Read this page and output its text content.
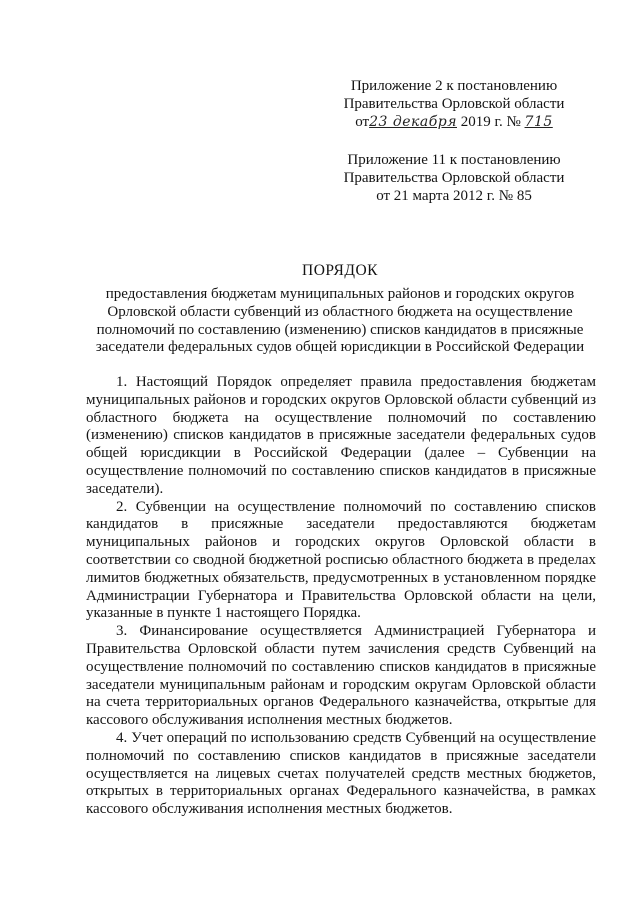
Приложение 2 к постановлению
Правительства Орловской области
от23 декабря 2019 г. № 715
Приложение 11 к постановлению
Правительства Орловской области
от 21 марта 2012 г. № 85
ПОРЯДОК
предоставления бюджетам муниципальных районов и городских округов
Орловской области субвенций из областного бюджета на осуществление
полномочий по составлению (изменению) списков кандидатов в присяжные
заседатели федеральных судов общей юрисдикции в Российской Федерации

1. Настоящий Порядок определяет правила предоставления бюджетам муниципальных районов и городских округов Орловской области субвенций из областного бюджета на осуществление полномочий по составлению (изменению) списков кандидатов в присяжные заседатели федеральных судов общей юрисдикции в Российской Федерации (далее – Субвенции на осуществление полномочий по составлению списков кандидатов в присяжные заседатели).

2. Субвенции на осуществление полномочий по составлению списков кандидатов в присяжные заседатели предоставляются бюджетам муниципальных районов и городских округов Орловской области в соответствии со сводной бюджетной росписью областного бюджета в пределах лимитов бюджетных обязательств, предусмотренных в установленном порядке Администрации Губернатора и Правительства Орловской области на цели, указанные в пункте 1 настоящего Порядка.

3. Финансирование осуществляется Администрацией Губернатора и Правительства Орловской области путем зачисления средств Субвенций на осуществление полномочий по составлению списков кандидатов в присяжные заседатели муниципальным районам и городским округам Орловской области на счета территориальных органов Федерального казначейства, открытые для кассового обслуживания исполнения местных бюджетов.

4. Учет операций по использованию средств Субвенций на осуществление полномочий по составлению списков кандидатов в присяжные заседатели осуществляется на лицевых счетах получателей средств местных бюджетов, открытых в территориальных органах Федерального казначейства, в рамках кассового обслуживания исполнения местных бюджетов.
